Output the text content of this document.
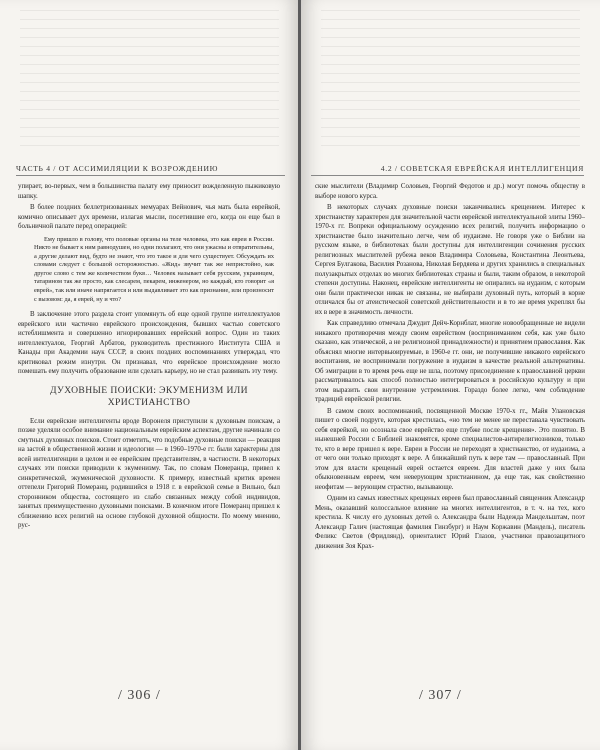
ЧАСТЬ 4 / ОТ АССИМИЛЯЦИИ К ВОЗРОЖДЕНИЮ

упирает, во-первых, чем в большинства палату ему приносит вожделенную пыжиковую шапку.

В более поздних беллетризованных мемуарах Вейнович, чья мать была еврейкой, комично описывает дух времени, излагая мысли, посетившие его, когда он еще был в больничной палате перед операцией:

Ему пришло в голову, что половые органы на теле человека, это как евреи в России. Никто не бывает к ним равнодушен, но одни полагают, что они ужасны и отвратительны, а другие делают вид, будто не знают, что это такое и для чего существует. Обсуждать их словами следует с большой осторожностью. «Жид» звучит так же непристойно, как другое слово с тем же количеством букв… Человек называет себя русским, украинцем, татарином так же просто, как слесарем, пекарем, инженером, но каждый, кто говорит «я еврей», так или иначе напрягается и или выдавливает это как признание, или произносит с вызовом: да, я еврей, ну и что?

В заключение этого раздела стоит упомянуть об еще одной группе интеллектуалов еврейского или частично еврейского происхождения, бывших частью советского истеблишмента и совершенно игнорировавших еврейский вопрос. Один из таких интеллектуалов, Георгий Арбатов, руководитель престижного Института США и Канады при Академии наук СССР, в своих поздних воспоминаниях утверждал, что критиковал режим изнутри. Он признавал, что еврейское происхождение могло помешать ему получить образование или сделать карьеру, но не стал развивать эту тему.

ДУХОВНЫЕ ПОИСКИ: ЭКУМЕНИЗМ ИЛИ ХРИСТИАНСТВО

Если еврейские интеллигенты вроде Воронеля приступили к духовным поискам, а позже уделяли особое внимание национальным еврейским аспектам, другие начинали со смутных духовных поисков. Стоит отметить, что подобные духовные поиски — реакция на застой в общественной жизни и идеологии — в 1960–1970-е гг. были характерны для всей интеллигенции в целом и ее еврейским представителям, в частности. В некоторых случаях эти поиски приводили к экуменизму. Так, по словам Померанца, привел к синкретической, экуменической духовности. К примеру, известный критик времен оттепели Григорий Померанц, родившийся в 1918 г. в еврейской семье в Вильно, был сторонником общества, состоящего из слабо связанных между собой индивидов, занятых преимущественно духовными поисками. В конечном итоге Померанц пришел к сближению всех религий на основе глубокой духовной общности. По моему мнению, рус-

/ 306 /
4.2 / СОВЕТСКАЯ ЕВРЕЙСКАЯ ИНТЕЛЛИГЕНЦИЯ

ские мыслители (Владимир Соловьев, Георгий Федотов и др.) могут помочь обществу в выборе нового курса.

В некоторых случаях духовные поиски заканчивались крещением. Интерес к христианству характерен для значительной части еврейской интеллектуальной элиты 1960–1970-х гг. Вопреки официальному осуждению всех религий, получить информацию о христианстве было значительно легче, чем об иудаизме. Не говоря уже о Библии на русском языке, в библиотеках были доступны для интеллигенции сочинения русских религиозных мыслителей рубежа веков Владимира Соловьева, Константина Леонтьева, Сергея Булгакова, Василия Розанова, Николая Бердяева и других хранились в специальных полузакрытых отделах во многих библиотеках страны и были, таким образом, в некоторой степени доступны. Наконец, еврейские интеллигенты не опирались на иудаизм, с которым они были практически никак не связаны, не выбирали духовный путь, который в корне отличался бы от атеистической советской действительности и в то же время укреплял бы их в вере в значимость личности.

Как справедливо отмечала Джудит Дейч-Корнблат, многие новообращенные не видели никакого противоречия между своим еврейством (восприниманием себя, как уже было сказано, как этнической, а не религиозной принадлежности) и принятием православия. Как объяснял многие интервьюируемые, в 1960-е гг. они, не получившие никакого еврейского воспитания, не воспринимали погружение в иудаизм в качестве реальной альтернативы. Об эмиграции в то время речь еще не шла, поэтому присоединение к православной церкви рассматривалось как способ полностью интегрироваться в российскую культуру и при этом выразить свои внутренние устремления. Гораздо более легко, чем соблюдение традиций еврейской религии.

В самом своих воспоминаний, посвященной Москве 1970-х гг., Майя Улановская пишет о своей подруге, которая крестилась, «но тем не менее не переставала чувствовать себя еврейкой, но осознала свое еврейство еще глубже после крещения». Это понятно. В нынешней России с Библией знакомятся, кроме специалистов-антирелигиозников, только те, кто в вере пришел к вере. Евреи в России не переходят в христианство, от иудаизма, а от чего они только приходят к вере. А ближайший путь к вере там — православный. При этом для власти крещеный еврей остается евреем. Для властей даже у них была обыкновенным евреем, чем неверующим христианином, да еще так, как свойственно неофитам — верующим страстно, вызывающе.

Одним из самых известных крещеных евреев был православный священник Александр Мень, оказавший колоссальное влияние на многих интеллигентов, в т. ч. на тех, кого крестила. К числу его духовных детей о. Александра были Надежда Мандельштам, поэт Александр Галич (настоящая фамилия Гинзбург) и Наум Коржавин (Мандель), писатель Феликс Светов (Фридлянд), ориенталист Юрий Глазов, участники правозащитного движения Зоя Крах-

/ 307 /
